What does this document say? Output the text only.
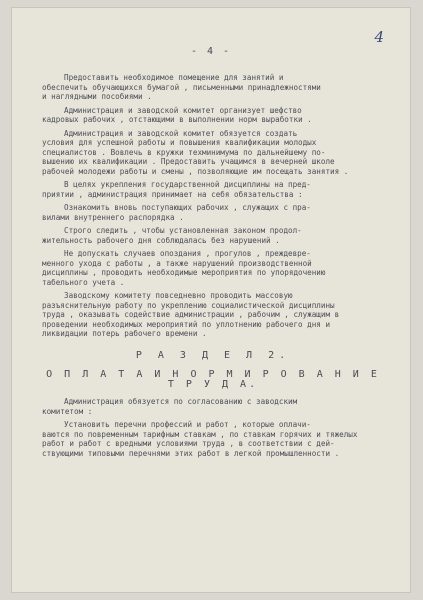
4
- 4 -
Предоставить необходимое помещение для занятий и
обеспечить обучающихся бумагой , письменными принадлежностями
и наглядными пособиями .
Администрация и заводской комитет организует шефство
кадровых рабочих , отстающими в выполнении норм выработки .
Администрация и заводской комитет обязуется создать
условия для успешной работы и повышения квалификации молодых
специалистов . Вовлечь в кружки техминимума по дальнейшему по-
вышению их квалификации . Предоставить учащимся в вечерней школе
рабочей молодежи работы и смены , позволяющие им посещать занятия .
В целях укрепления государственной дисциплины на пред-
приятии , администрация принимает на себя обязательства :
Ознакомить вновь поступающих рабочих , служащих с пра-
вилами внутреннего распорядка .
Строго следить , чтобы установленная законом продол-
жительность рабочего дня соблюдалась без нарушений .
Не допускать случаев опоздания , прогулов , преждевре-
менного ухода с работы , а также нарушений производственной
дисциплины , проводить необходимые мероприятия по упорядочению
табельного учета .
Заводскому комитету повседневно проводить массовую
разъяснительную работу по укреплению социалистической дисциплины
труда , оказывать содействие администрации , рабочим , служащим в
проведении необходимых мероприятий по уплотнению рабочего дня и
ликвидации потерь рабочего времени .
Р А З Д Е Л 2.
О П Л А Т А И Н О Р М И Р О В А Н И Е Т Р У Д А.
Администрация обязуется по согласованию с заводским
комитетом :
Установить перечни профессий и работ , которые оплачи-
ваются по повременным тарифным ставкам , по ставкам горячих и тяжелых
работ и работ с вредными условиями труда , в соответствии с дей-
ствующими типовыми перечнями этих работ в легкой промышленности .
